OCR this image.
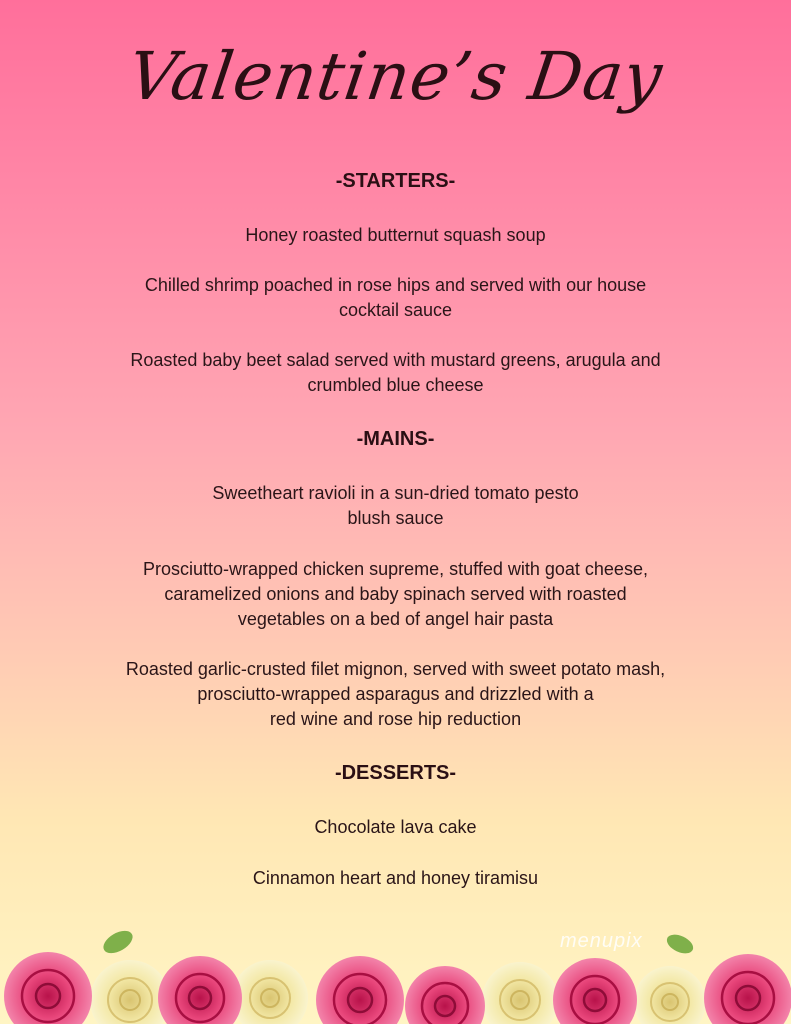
Valentine’s Day
-STARTERS-
Honey roasted butternut squash soup
Chilled shrimp poached in rose hips and served with our house
cocktail sauce
Roasted baby beet salad served with mustard greens, arugula and
crumbled blue cheese
-MAINS-
Sweetheart ravioli in a sun-dried tomato pesto
blush sauce
Prosciutto-wrapped chicken supreme, stuffed with goat cheese,
caramelized onions and baby spinach served with roasted
vegetables on a bed of angel hair pasta
Roasted garlic-crusted filet mignon, served with sweet potato mash,
prosciutto-wrapped asparagus and drizzled with a
red wine and rose hip reduction
-DESSERTS-
Chocolate lava cake
Cinnamon heart and honey tiramisu
menupix
